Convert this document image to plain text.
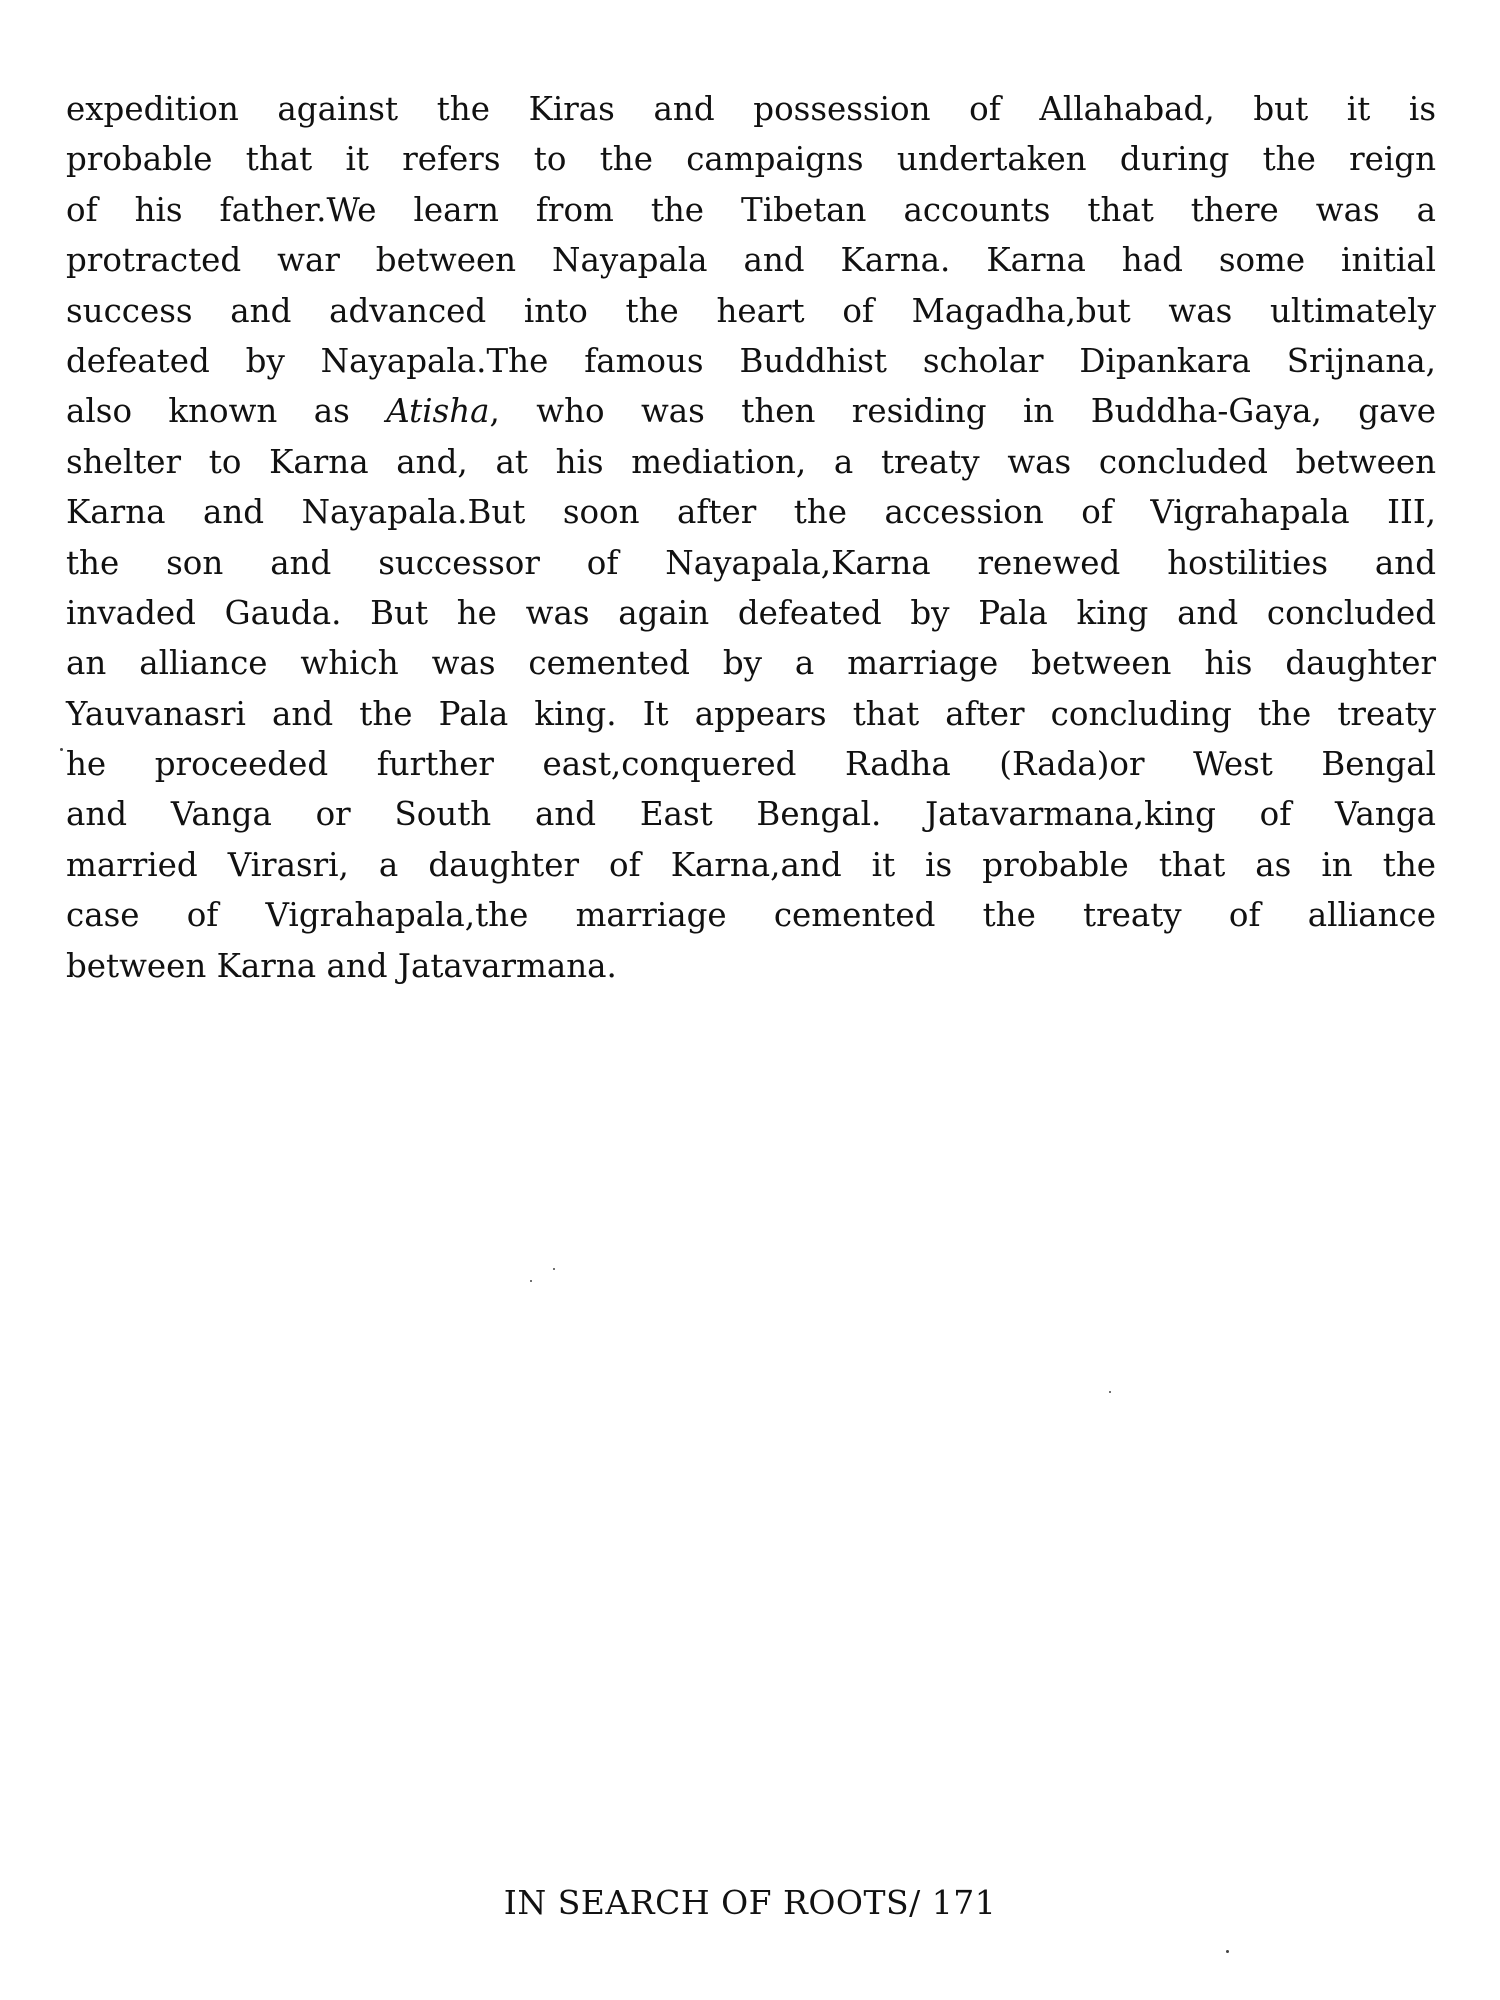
expedition against the Kiras and possession of Allahabad, but it is
probable that it refers to the campaigns undertaken during the reign
of his father.We learn from the Tibetan accounts that there was a
protracted war between Nayapala and Karna. Karna had some initial
success and advanced into the heart of Magadha,but was ultimately
defeated by Nayapala.The famous Buddhist scholar Dipankara Srijnana,
also known as Atisha, who was then residing in Buddha-Gaya, gave
shelter to Karna and, at his mediation, a treaty was concluded between
Karna and Nayapala.But soon after the accession of Vigrahapala III,
the son and successor of Nayapala,Karna renewed hostilities and
invaded Gauda. But he was again defeated by Pala king and concluded
an alliance which was cemented by a marriage between his daughter
Yauvanasri and the Pala king. It appears that after concluding the treaty
he proceeded further east,conquered Radha (Rada)or West Bengal
and Vanga or South and East Bengal. Jatavarmana,king of Vanga
married Virasri, a daughter of Karna,and it is probable that as in the
case of Vigrahapala,the marriage cemented the treaty of alliance
between Karna and Jatavarmana.

IN SEARCH OF ROOTS/ 171
